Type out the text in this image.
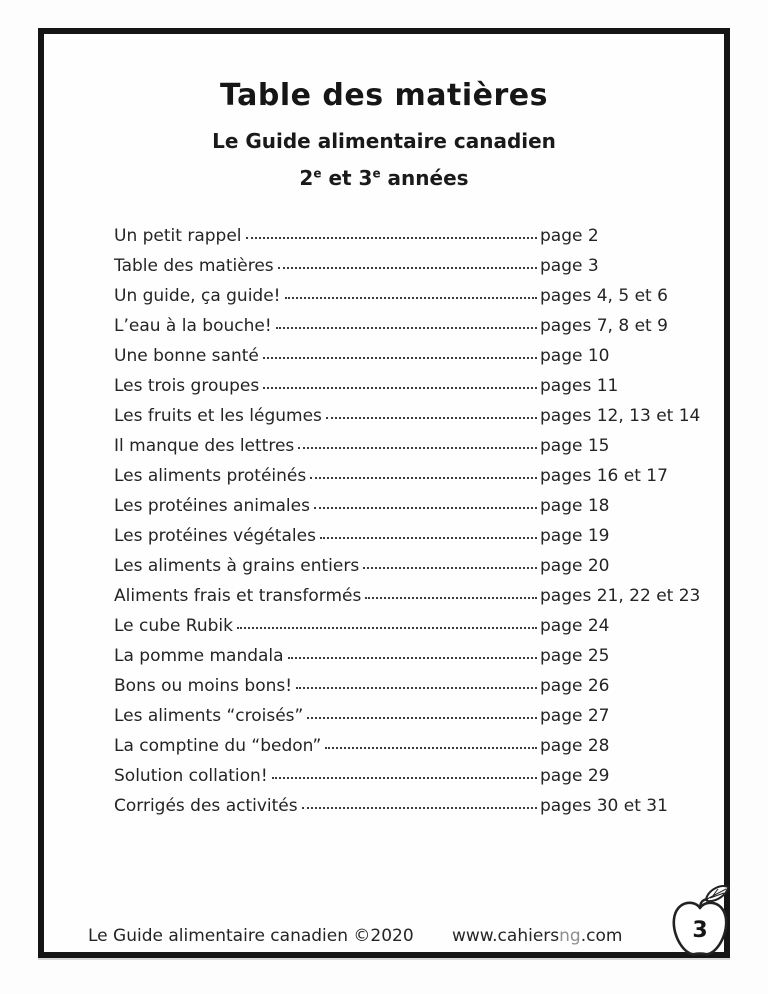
Table des matières
Le Guide alimentaire canadien
2e et 3e années
Un petit rappel	page 2
Table des matières	page 3
Un guide, ça guide!	pages 4, 5 et 6
L’eau à la bouche!	pages 7, 8 et 9
Une bonne santé	page 10
Les trois groupes	pages 11
Les fruits et les légumes	pages 12, 13 et 14
Il manque des lettres	page 15
Les aliments protéinés	pages 16 et 17
Les protéines animales	page 18
Les protéines végétales	page 19
Les aliments à grains entiers	page 20
Aliments frais et transformés	pages 21, 22 et 23
Le cube Rubik	page 24
La pomme mandala	page 25
Bons ou moins bons!	page 26
Les aliments “croisés”	page 27
La comptine du “bedon”	page 28
Solution collation!	page 29
Corrigés des activités	pages 30 et 31
Le Guide alimentaire canadien ©2020 www.cahiersng.com	3
